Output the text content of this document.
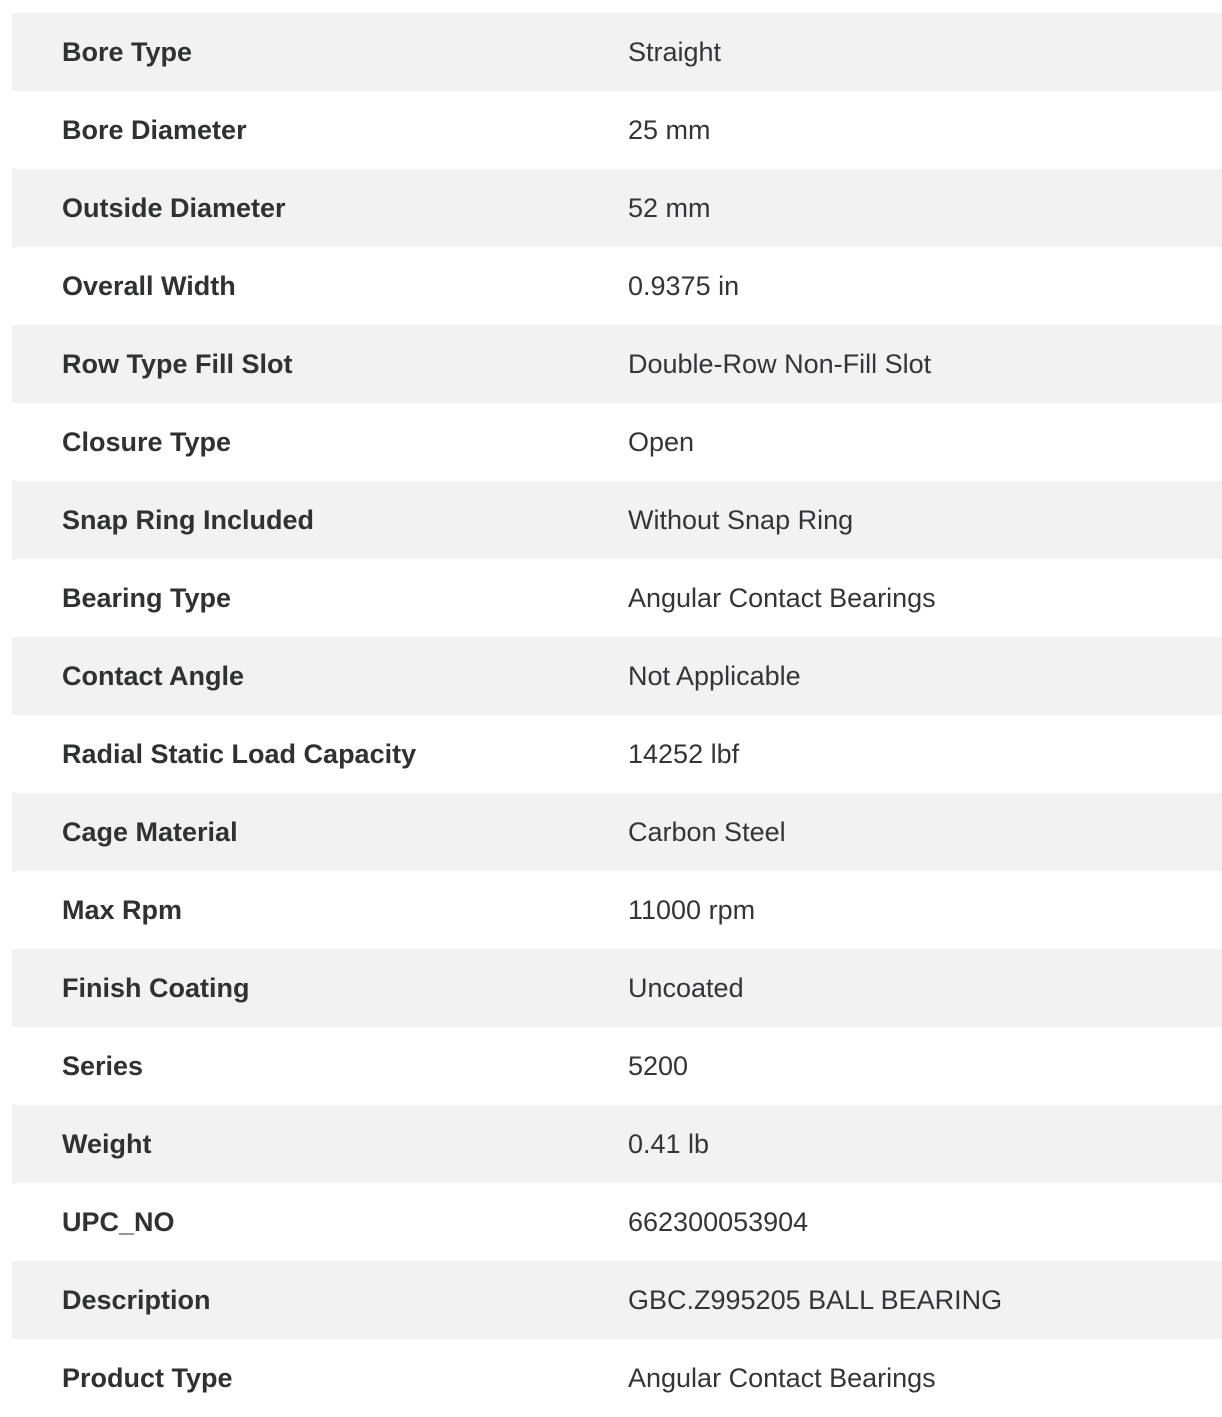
Bore Type	Straight
Bore Diameter	25 mm
Outside Diameter	52 mm
Overall Width	0.9375 in
Row Type Fill Slot	Double-Row Non-Fill Slot
Closure Type	Open
Snap Ring Included	Without Snap Ring
Bearing Type	Angular Contact Bearings
Contact Angle	Not Applicable
Radial Static Load Capacity	14252 lbf
Cage Material	Carbon Steel
Max Rpm	11000 rpm
Finish Coating	Uncoated
Series	5200
Weight	0.41 lb
UPC_NO	662300053904
Description	GBC.Z995205 BALL BEARING
Product Type	Angular Contact Bearings
